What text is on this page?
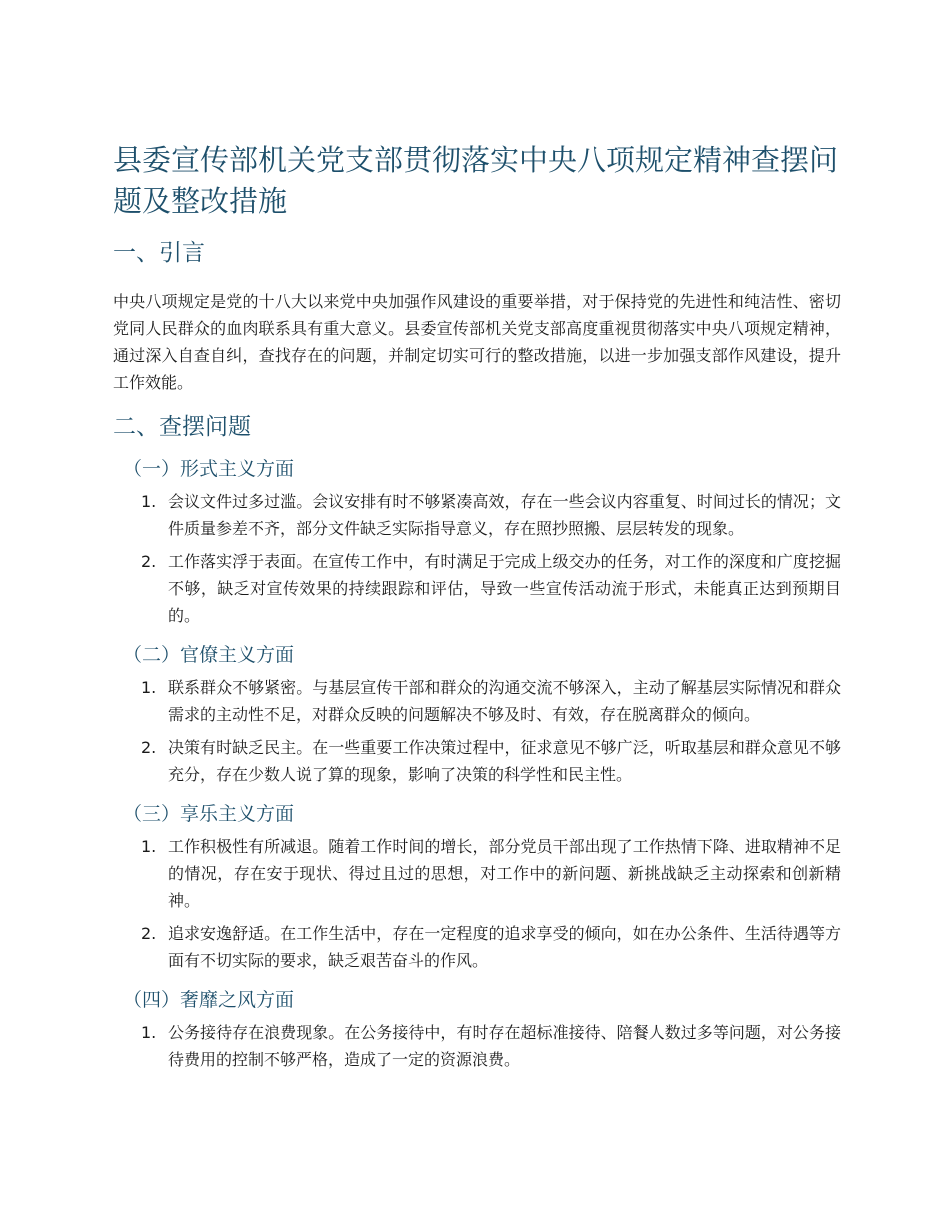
县委宣传部机关党支部贯彻落实中央八项规定精神查摆问题及整改措施
一、引言

中央八项规定是党的十八大以来党中央加强作风建设的重要举措，对于保持党的先进性和纯洁性、密切党同人民群众的血肉联系具有重大意义。县委宣传部机关党支部高度重视贯彻落实中央八项规定精神，通过深入自查自纠，查找存在的问题，并制定切实可行的整改措施，以进一步加强支部作风建设，提升工作效能。

二、查摆问题
（一）形式主义方面
1. 会议文件过多过滥。会议安排有时不够紧凑高效，存在一些会议内容重复、时间过长的情况；文件质量参差不齐，部分文件缺乏实际指导意义，存在照抄照搬、层层转发的现象。
2. 工作落实浮于表面。在宣传工作中，有时满足于完成上级交办的任务，对工作的深度和广度挖掘不够，缺乏对宣传效果的持续跟踪和评估，导致一些宣传活动流于形式，未能真正达到预期目的。
（二）官僚主义方面
1. 联系群众不够紧密。与基层宣传干部和群众的沟通交流不够深入，主动了解基层实际情况和群众需求的主动性不足，对群众反映的问题解决不够及时、有效，存在脱离群众的倾向。
2. 决策有时缺乏民主。在一些重要工作决策过程中，征求意见不够广泛，听取基层和群众意见不够充分，存在少数人说了算的现象，影响了决策的科学性和民主性。
（三）享乐主义方面
1. 工作积极性有所减退。随着工作时间的增长，部分党员干部出现了工作热情下降、进取精神不足的情况，存在安于现状、得过且过的思想，对工作中的新问题、新挑战缺乏主动探索和创新精神。
2. 追求安逸舒适。在工作生活中，存在一定程度的追求享受的倾向，如在办公条件、生活待遇等方面有不切实际的要求，缺乏艰苦奋斗的作风。
（四）奢靡之风方面
1. 公务接待存在浪费现象。在公务接待中，有时存在超标准接待、陪餐人数过多等问题，对公务接待费用的控制不够严格，造成了一定的资源浪费。
